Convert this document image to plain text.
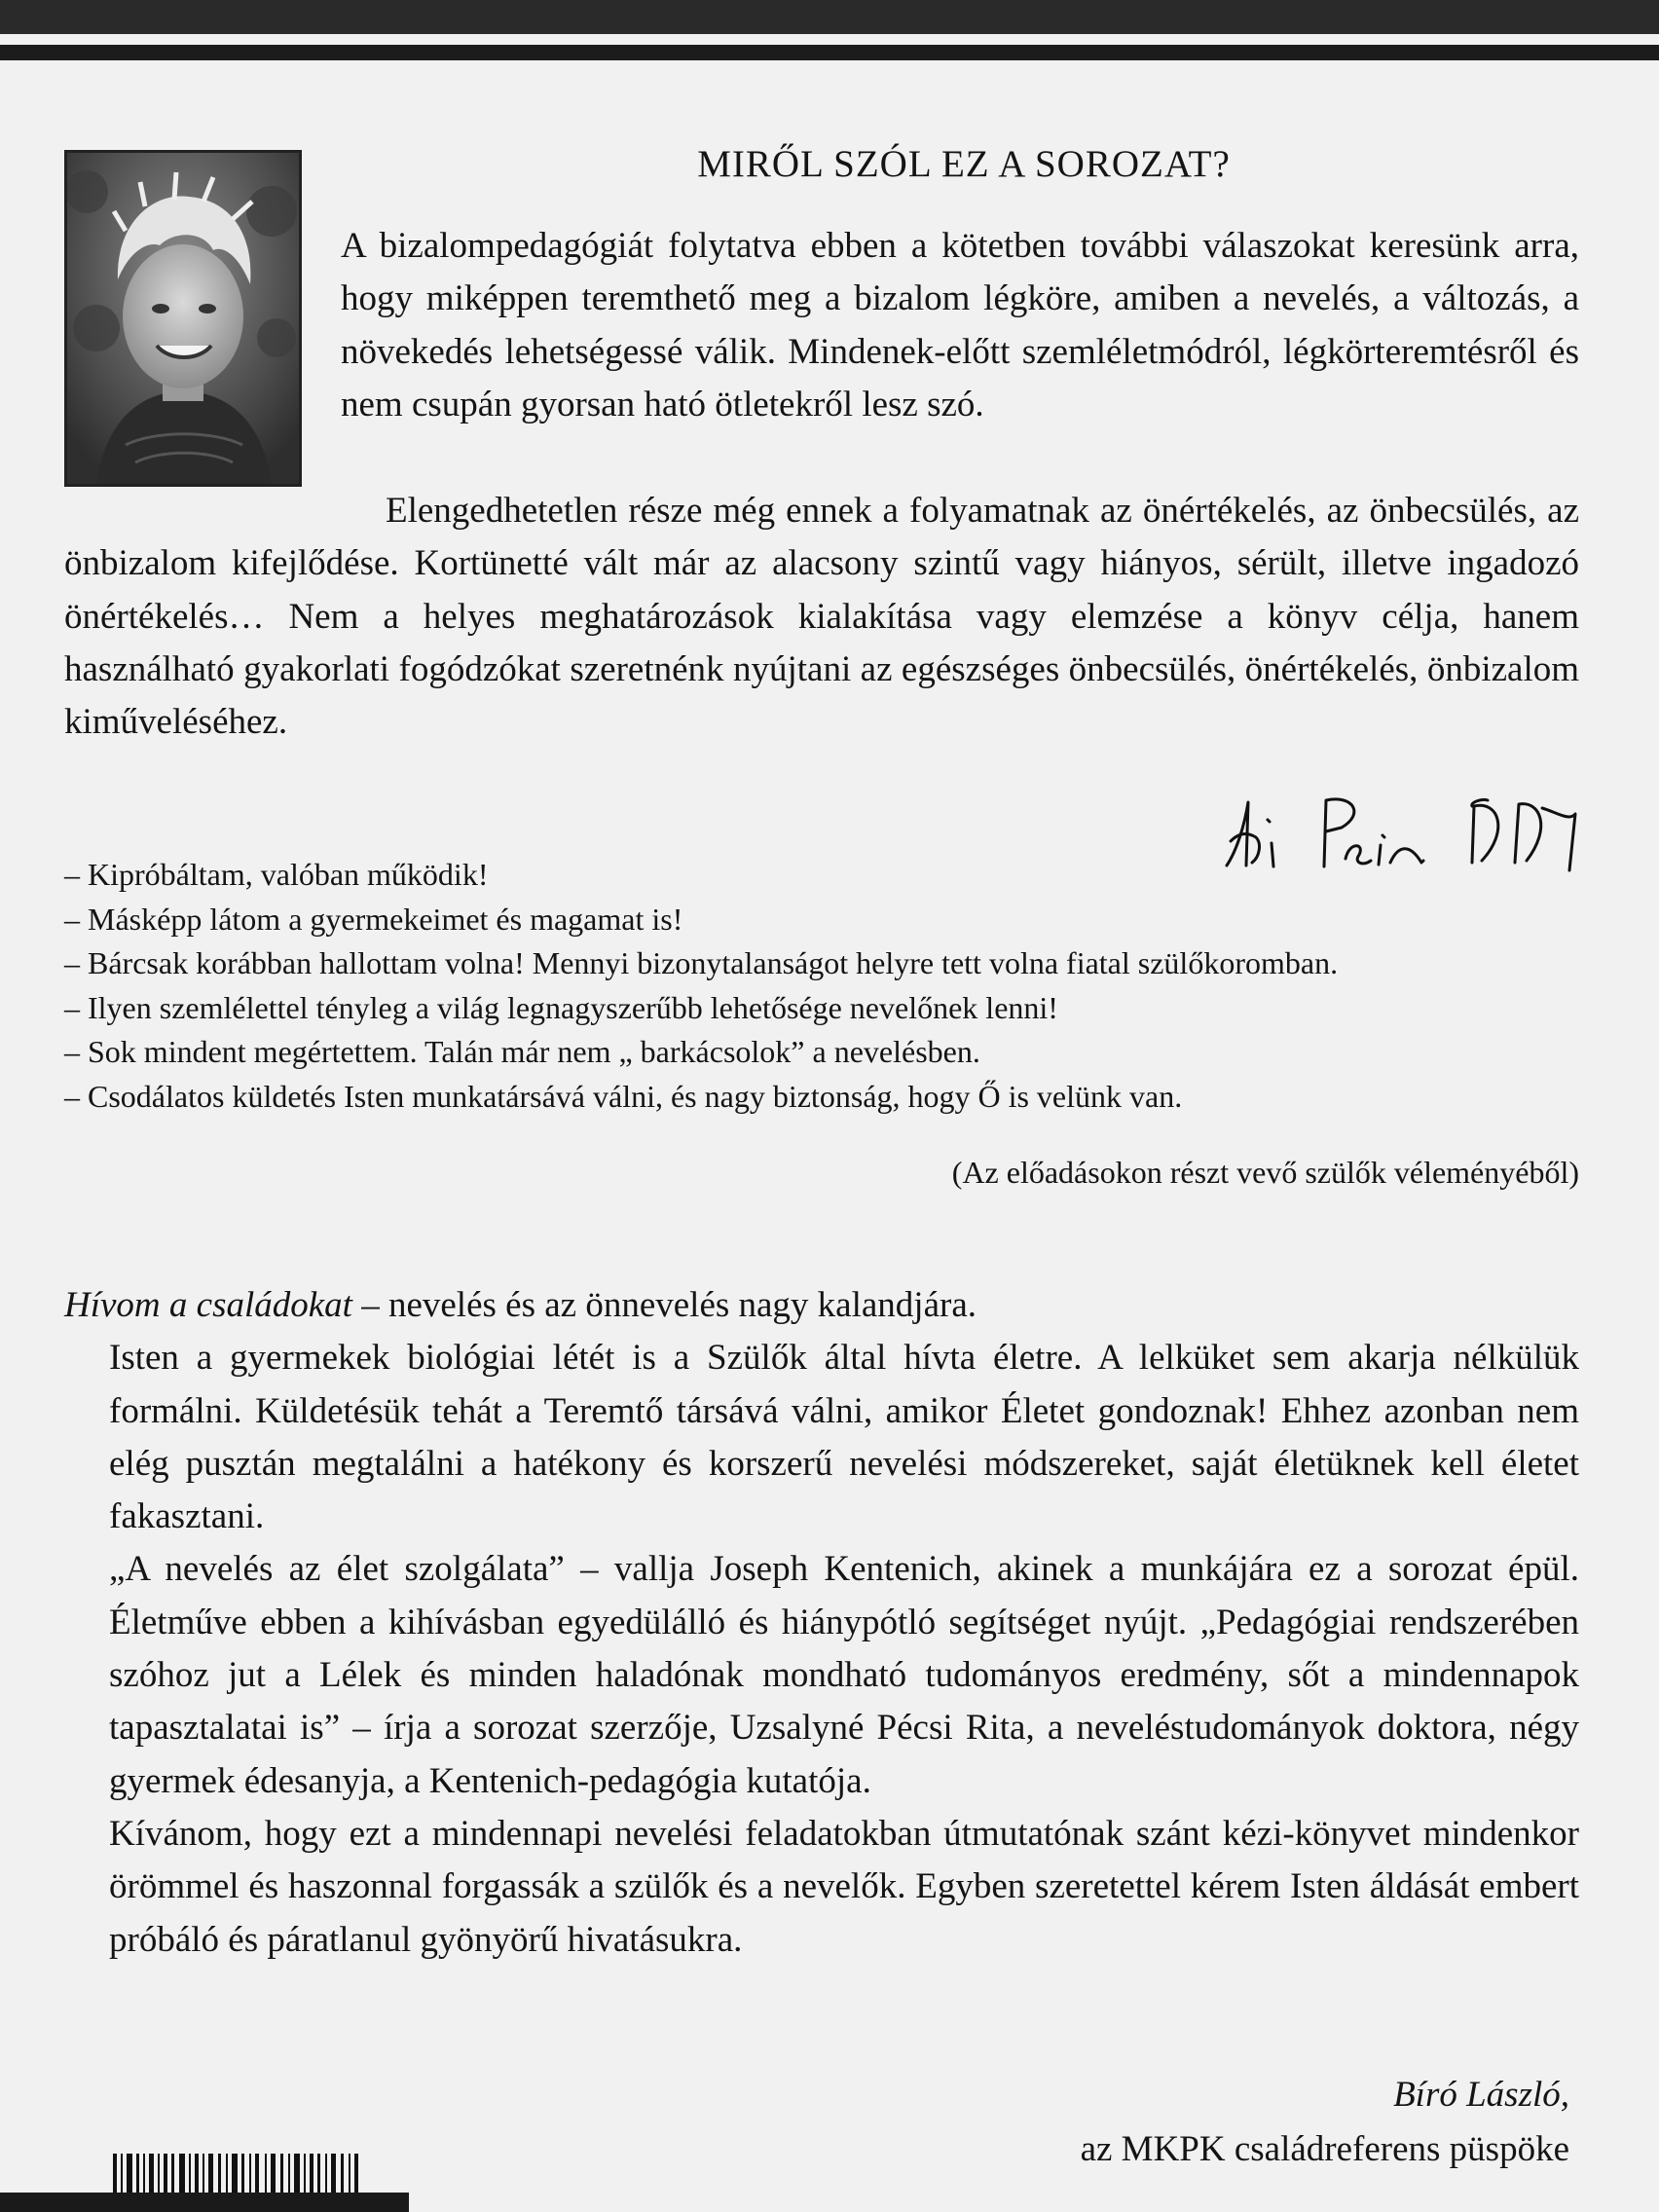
MIRŐL SZÓL EZ A SOROZAT?

A bizalompedagógiát folytatva ebben a kötetben további válaszokat keresünk arra, hogy miképpen teremthető meg a bizalom légköre, amiben a nevelés, a változás, a növekedés lehetségessé válik. Mindenek-előtt szemléletmódról, légkörteremtésről és nem csupán gyorsan ható ötletekről lesz szó.

Elengedhetetlen része még ennek a folyamatnak az önértékelés, az önbecsülés, az önbizalom kifejlődése. Kortünetté vált már az alacsony szintű vagy hiányos, sérült, illetve ingadozó önértékelés… Nem a helyes meghatározások kialakítása vagy elemzése a könyv célja, hanem használható gyakorlati fogódzókat szeretnénk nyújtani az egészséges önbecsülés, önértékelés, önbizalom kiműveléséhez.

– Kipróbáltam, valóban működik!
– Másképp látom a gyermekeimet és magamat is!
– Bárcsak korábban hallottam volna! Mennyi bizonytalanságot helyre tett volna fiatal szülőkoromban.
– Ilyen szemlélettel tényleg a világ legnagyszerűbb lehetősége nevelőnek lenni!
– Sok mindent megértettem. Talán már nem „ barkácsolok” a nevelésben.
– Csodálatos küldetés Isten munkatársává válni, és nagy biztonság, hogy Ő is velünk van.
(Az előadásokon részt vevő szülők véleményéből)

Hívom a családokat – nevelés és az önnevelés nagy kalandjára.

Isten a gyermekek biológiai létét is a Szülők által hívta életre. A lelküket sem akarja nélkülük formálni. Küldetésük tehát a Teremtő társává válni, amikor Életet gondoznak! Ehhez azonban nem elég pusztán megtalálni a hatékony és korszerű nevelési módszereket, saját életüknek kell életet fakasztani.

„A nevelés az élet szolgálata” – vallja Joseph Kentenich, akinek a munkájára ez a sorozat épül. Életműve ebben a kihívásban egyedülálló és hiánypótló segítséget nyújt. „Pedagógiai rendszerében szóhoz jut a Lélek és minden haladónak mondható tudományos eredmény, sőt a mindennapok tapasztalatai is” – írja a sorozat szerzője, Uzsalyné Pécsi Rita, a neveléstudományok doktora, négy gyermek édesanyja, a Kentenich-pedagógia kutatója.

Kívánom, hogy ezt a mindennapi nevelési feladatokban útmutatónak szánt kézi-könyvet mindenkor örömmel és haszonnal forgassák a szülők és a nevelők. Egyben szeretettel kérem Isten áldását embert próbáló és páratlanul gyönyörű hivatásukra.

Bíró László,
az MKPK családreferens püspöke
